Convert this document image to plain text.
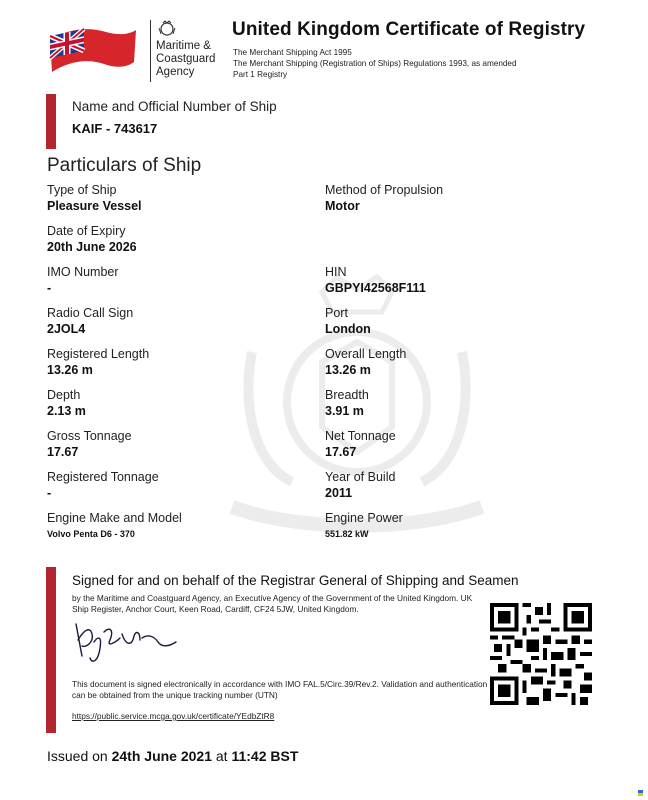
Maritime &
Coastguard
Agency
United Kingdom Certificate of Registry
The Merchant Shipping Act 1995
The Merchant Shipping (Registration of Ships) Regulations 1993, as amended
Part 1 Registry
Name and Official Number of Ship
KAIF - 743617
Particulars of Ship
Type of Ship
Pleasure Vessel
Method of Propulsion
Motor
Date of Expiry
20th June 2026
IMO Number
-
HIN
GBPYI42568F111
Radio Call Sign
2JOL4
Port
London
Registered Length
13.26 m
Overall Length
13.26 m
Depth
2.13 m
Breadth
3.91 m
Gross Tonnage
17.67
Net Tonnage
17.67
Registered Tonnage
-
Year of Build
2011
Engine Make and Model
Volvo Penta D6 - 370
Engine Power
551.82 kW
Signed for and on behalf of the Registrar General of Shipping and Seamen
by the Maritime and Coastguard Agency, an Executive Agency of the Government of the United Kingdom. UK Ship Register, Anchor Court, Keen Road, Cardiff, CF24 5JW, United Kingdom.
This document is signed electronically in accordance with IMO FAL.5/Circ.39/Rev.2. Validation and authentication can be obtained from the unique tracking number (UTN)
https://public.service.mcga.gov.uk/certificate/YEdbZtR8
Issued on 24th June 2021 at 11:42 BST
